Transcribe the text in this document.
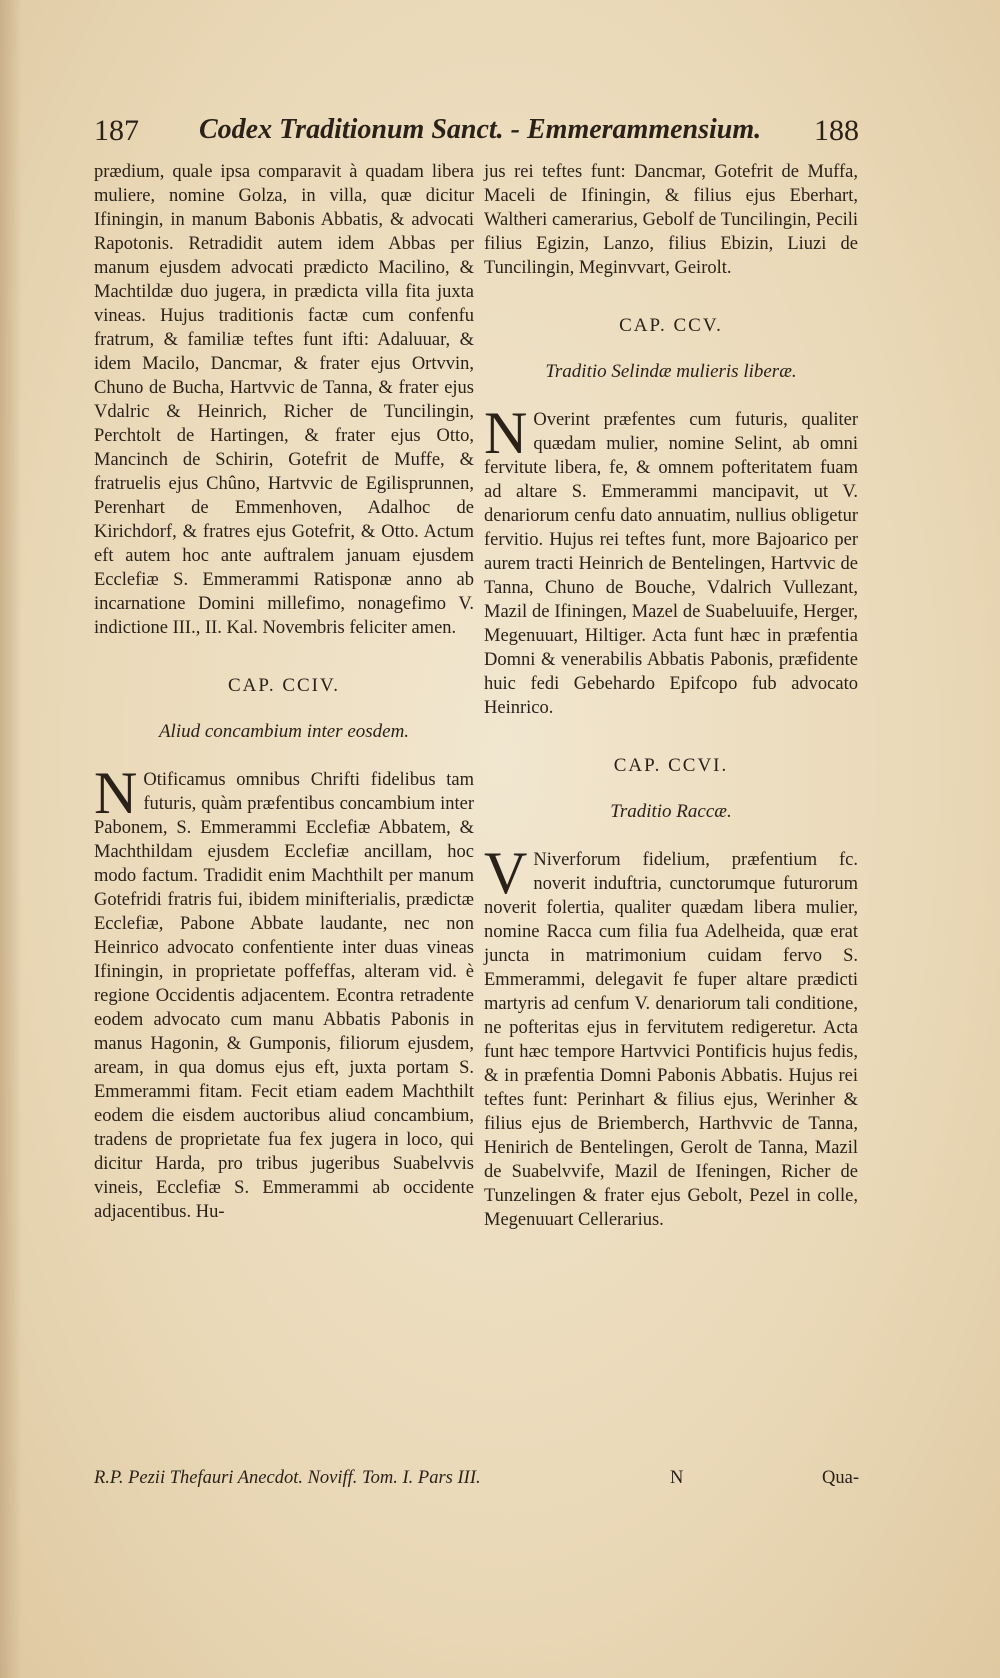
187 Codex Traditionum Sanct. - Emmerammensium. 188

prædium, quale ipsa comparavit à quadam libera muliere, nomine Golza, in villa, quæ dicitur Ifiningin, in manum Babonis Abbatis, & advocati Rapotonis. Retradidit autem idem Abbas per manum ejusdem advocati prædicto Macilino, & Machtildæ duo jugera, in prædicta villa fita juxta vineas. Hujus traditionis factæ cum confenfu fratrum, & familiæ teftes funt ifti: Adaluuar, & idem Macilo, Dancmar, & frater ejus Ortvvin, Chuno de Bucha, Hartvvic de Tanna, & frater ejus Vdalric & Heinrich, Richer de Tuncilingin, Perchtolt de Hartingen, & frater ejus Otto, Mancinch de Schirin, Gotefrit de Muffe, & fratruelis ejus Chûno, Hartvvic de Egilisprunnen, Perenhart de Emmenhoven, Adalhoc de Kirichdorf, & fratres ejus Gotefrit, & Otto. Actum eft autem hoc ante auftralem januam ejusdem Ecclefiæ S. Emmerammi Ratisponæ anno ab incarnatione Domini millefimo, nonagefimo V. indictione III., II. Kal. Novembris feliciter amen.

CAP. CCIV.
Aliud concambium inter eosdem.

N Otificamus omnibus Chrifti fidelibus tam futuris, quàm præfentibus concambium inter Pabonem, S. Emmerammi Ecclefiæ Abbatem, & Machthildam ejusdem Ecclefiæ ancillam, hoc modo factum. Tradidit enim Machthilt per manum Gotefridi fratris fui, ibidem minifterialis, prædictæ Ecclefiæ, Pabone Abbate laudante, nec non Heinrico advocato confentiente inter duas vineas Ifiningin, in proprietate poffeffas, alteram vid. è regione Occidentis adjacentem. Econtra retradente eodem advocato cum manu Abbatis Pabonis in manus Hagonin, & Gumponis, filiorum ejusdem, aream, in qua domus ejus eft, juxta portam S. Emmerammi fitam. Fecit etiam eadem Machthilt eodem die eisdem auctoribus aliud concambium, tradens de proprietate fua fex jugera in loco, qui dicitur Harda, pro tribus jugeribus Suabelvvis vineis, Ecclefiæ S. Emmerammi ab occidente adjacentibus. Hu-

jus rei teftes funt: Dancmar, Gotefrit de Muffa, Maceli de Ifiningin, & filius ejus Eberhart, Waltheri camerarius, Gebolf de Tuncilingin, Pecili filius Egizin, Lanzo, filius Ebizin, Liuzi de Tuncilingin, Meginvvart, Geirolt.

CAP. CCV.
Traditio Selindæ mulieris liberæ.

N Overint præfentes cum futuris, qualiter quædam mulier, nomine Selint, ab omni fervitute libera, fe, & omnem pofteritatem fuam ad altare S. Emmerammi mancipavit, ut V. denariorum cenfu dato annuatim, nullius obligetur fervitio. Hujus rei teftes funt, more Bajoarico per aurem tracti Heinrich de Bentelingen, Hartvvic de Tanna, Chuno de Bouche, Vdalrich Vullezant, Mazil de Ifiningen, Mazel de Suabeluuife, Herger, Megenuuart, Hiltiger. Acta funt hæc in præfentia Domni & venerabilis Abbatis Pabonis, præfidente huic fedi Gebehardo Epifcopo fub advocato Heinrico.

CAP. CCVI.
Traditio Raccæ.

V Niverforum fidelium, præfentium fc. noverit induftria, cunctorumque futurorum noverit folertia, qualiter quædam libera mulier, nomine Racca cum filia fua Adelheida, quæ erat juncta in matrimonium cuidam fervo S. Emmerammi, delegavit fe fuper altare prædicti martyris ad cenfum V. denariorum tali conditione, ne pofteritas ejus in fervitutem redigeretur. Acta funt hæc tempore Hartvvici Pontificis hujus fedis, & in præfentia Domni Pabonis Abbatis. Hujus rei teftes funt: Perinhart & filius ejus, Werinher & filius ejus de Briemberch, Harthvvic de Tanna, Henirich de Bentelingen, Gerolt de Tanna, Mazil de Suabelvvife, Mazil de Ifeningen, Richer de Tunzelingen & frater ejus Gebolt, Pezel in colle, Megenuuart Cellerarius.

R.P. Pezii Thefauri Anecdot. Noviff. Tom. I. Pars III.	N	Qua-
